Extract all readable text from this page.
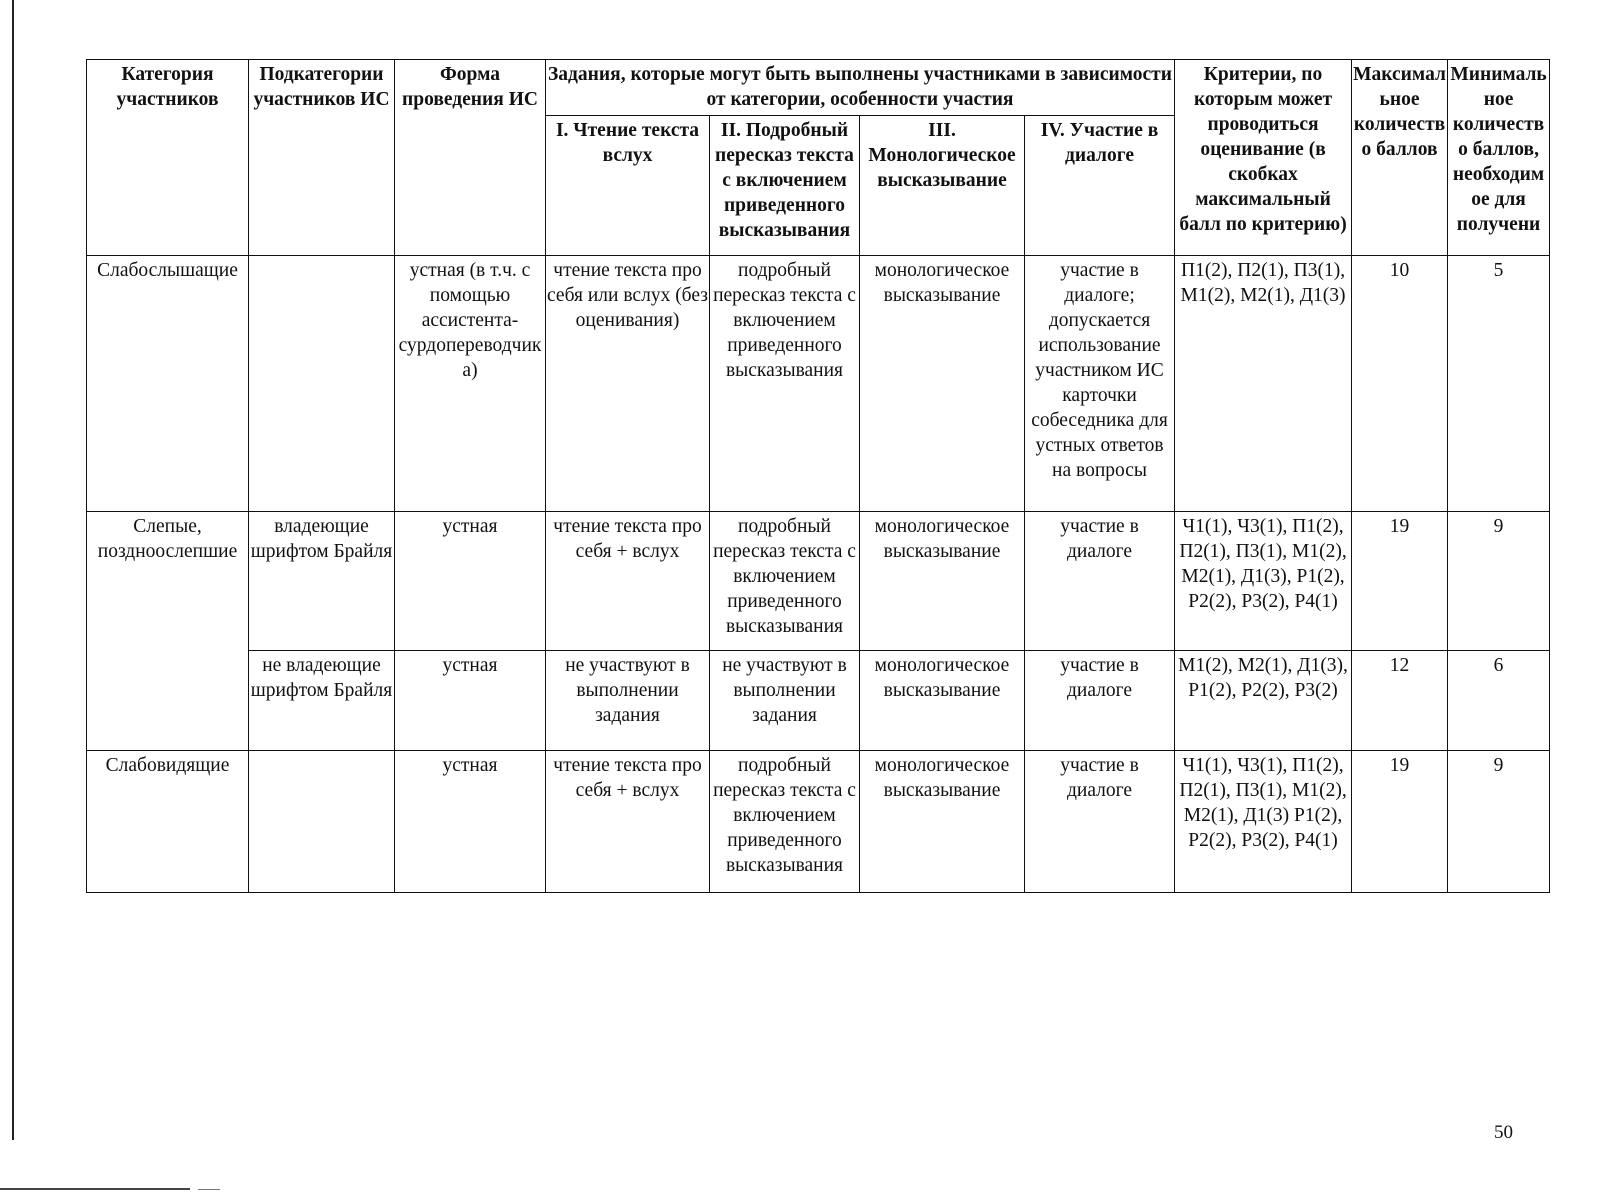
Категория участников	Подкатегории участников ИС	Форма проведения ИС	Задания, которые могут быть выполнены участниками в зависимости от категории, особенности участия				Критерии, по которым может проводиться оценивание (в скобках максимальный балл по критерию)	Максимальное количество баллов	Минимальное количество баллов, необходимое для получени
			I. Чтение текста вслух	II. Подробный пересказ текста с включением приведенного высказывания	III. Монологическое высказывание	IV. Участие в диалоге			
Слабослышащие		устная (в т.ч. с помощью ассистента-сурдопереводчика)	чтение текста про себя или вслух (без оценивания)	подробный пересказ текста с включением приведенного высказывания	монологическое высказывание	участие в диалоге; допускается использование участником ИС карточки собеседника для устных ответов на вопросы	П1(2), П2(1), П3(1), М1(2), М2(1), Д1(3)	10	5
Слепые, поздноослепшие	владеющие шрифтом Брайля	устная	чтение текста про себя + вслух	подробный пересказ текста с включением приведенного высказывания	монологическое высказывание	участие в диалоге	Ч1(1), Ч3(1), П1(2), П2(1), П3(1), М1(2), М2(1), Д1(3), Р1(2), Р2(2), Р3(2), Р4(1)	19	9
	не владеющие шрифтом Брайля	устная	не участвуют в выполнении задания	не участвуют в выполнении задания	монологическое высказывание	участие в диалоге	М1(2), М2(1), Д1(3), Р1(2), Р2(2), Р3(2)	12	6
Слабовидящие		устная	чтение текста про себя + вслух	подробный пересказ текста с включением приведенного высказывания	монологическое высказывание	участие в диалоге	Ч1(1), Ч3(1), П1(2), П2(1), П3(1), М1(2), М2(1), Д1(3) Р1(2), Р2(2), Р3(2), Р4(1)	19	9
50
